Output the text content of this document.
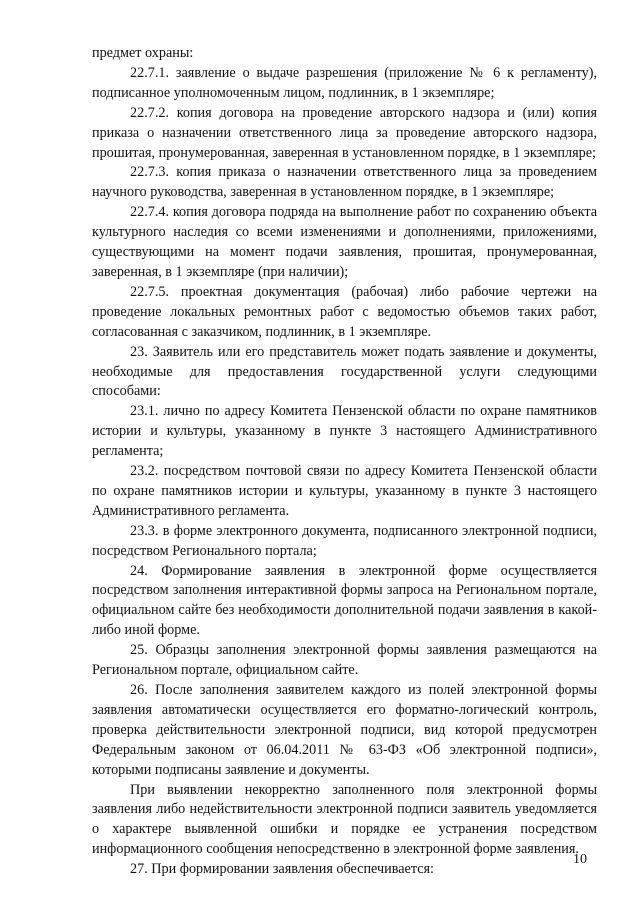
предмет охраны:

22.7.1. заявление о выдаче разрешения (приложение № 6 к регламенту), подписанное уполномоченным лицом, подлинник, в 1 экземпляре;

22.7.2. копия договора на проведение авторского надзора и (или) копия приказа о назначении ответственного лица за проведение авторского надзора, прошитая, пронумерованная, заверенная в установленном порядке, в 1 экземпляре;

22.7.3. копия приказа о назначении ответственного лица за проведением научного руководства, заверенная в установленном порядке, в 1 экземпляре;

22.7.4. копия договора подряда на выполнение работ по сохранению объекта культурного наследия со всеми изменениями и дополнениями, приложениями, существующими на момент подачи заявления, прошитая, пронумерованная, заверенная, в 1 экземпляре (при наличии);

22.7.5. проектная документация (рабочая) либо рабочие чертежи на проведение локальных ремонтных работ с ведомостью объемов таких работ, согласованная с заказчиком, подлинник, в 1 экземпляре.

23. Заявитель или его представитель может подать заявление и документы, необходимые для предоставления государственной услуги следующими способами:

23.1. лично по адресу Комитета Пензенской области по охране памятников истории и культуры, указанному в пункте 3 настоящего Административного регламента;

23.2. посредством почтовой связи по адресу Комитета Пензенской области по охране памятников истории и культуры, указанному в пункте 3 настоящего Административного регламента.

23.3. в форме электронного документа, подписанного электронной подписи, посредством Регионального портала;

24. Формирование заявления в электронной форме осуществляется посредством заполнения интерактивной формы запроса на Региональном портале, официальном сайте без необходимости дополнительной подачи заявления в какой-либо иной форме.

25. Образцы заполнения электронной формы заявления размещаются на Региональном портале, официальном сайте.

26. После заполнения заявителем каждого из полей электронной формы заявления автоматически осуществляется его форматно-логический контроль, проверка действительности электронной подписи, вид которой предусмотрен Федеральным законом от 06.04.2011 № 63-ФЗ «Об электронной подписи», которыми подписаны заявление и документы.

При выявлении некорректно заполненного поля электронной формы заявления либо недействительности электронной подписи заявитель уведомляется о характере выявленной ошибки и порядке ее устранения посредством информационного сообщения непосредственно в электронной форме заявления.

27. При формировании заявления обеспечивается:

10
